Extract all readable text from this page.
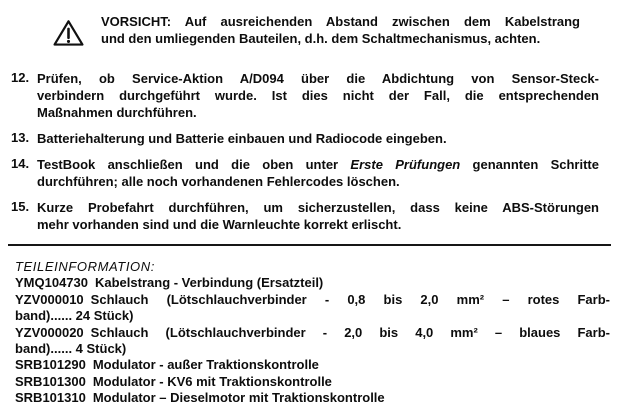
VORSICHT: Auf ausreichenden Abstand zwischen dem Kabelstrang
und den umliegenden Bauteilen, d.h. dem Schaltmechanismus, achten.
12. Prüfen, ob Service-Aktion A/D094 über die Abdichtung von Sensor-Steck-
verbindern durchgeführt wurde. Ist dies nicht der Fall, die entsprechenden
Maßnahmen durchführen.
13. Batteriehalterung und Batterie einbauen und Radiocode eingeben.
14. TestBook anschließen und die oben unter Erste Prüfungen genannten Schritte
durchführen; alle noch vorhandenen Fehlercodes löschen.
15. Kurze Probefahrt durchführen, um sicherzustellen, dass keine ABS-Störungen
mehr vorhanden sind und die Warnleuchte korrekt erlischt.
TEILEINFORMATION:
YMQ104730 Kabelstrang - Verbindung (Ersatzteil)
YZV000010 Schlauch (Lötschlauchverbinder - 0,8 bis 2,0 mm² – rotes Farb-
band)...... 24 Stück)
YZV000020 Schlauch (Lötschlauchverbinder - 2,0 bis 4,0 mm² – blaues Farb-
band)...... 4 Stück)
SRB101290 Modulator - außer Traktionskontrolle
SRB101300 Modulator - KV6 mit Traktionskontrolle
SRB101310 Modulator – Dieselmotor mit Traktionskontrolle
